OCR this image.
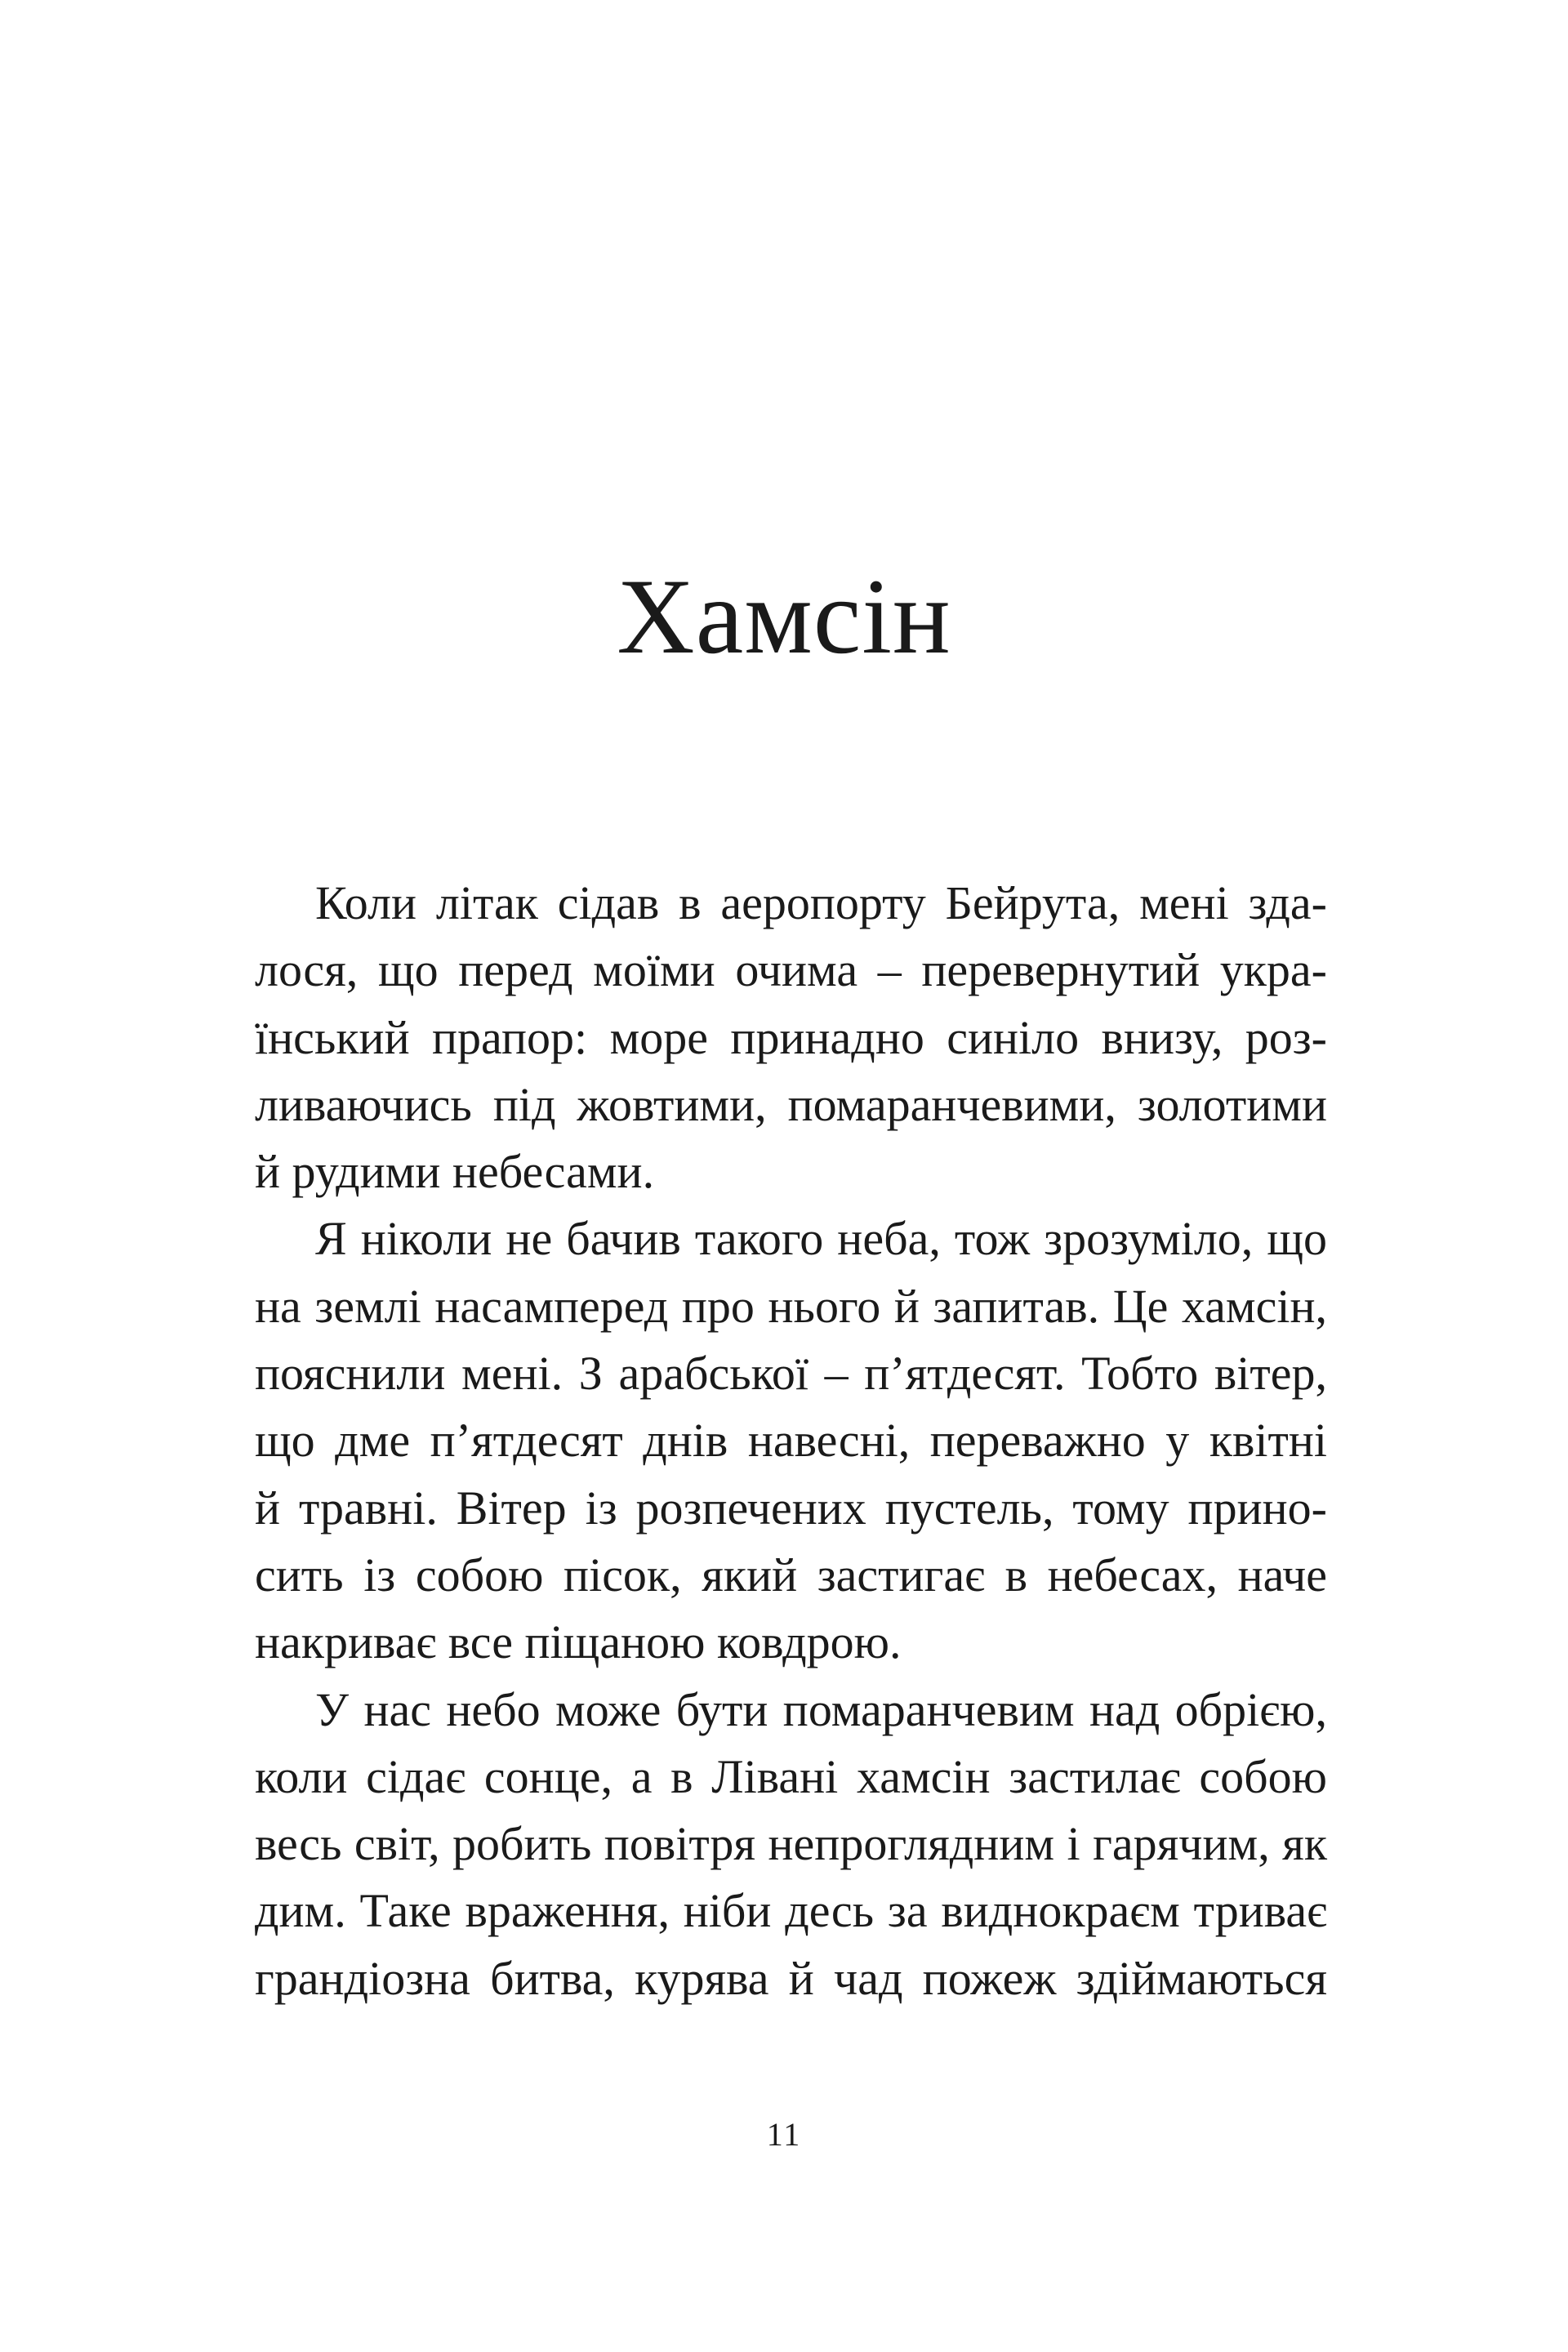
Хамсін
Коли літак сідав в аеропорту Бейрута, мені зда-
лося, що перед моїми очима – перевернутий укра-
їнський прапор: море принадно синіло внизу, роз-
ливаючись під жовтими, помаранчевими, золотими
й рудими небесами.
Я ніколи не бачив такого неба, тож зрозуміло, що
на землі насамперед про нього й запитав. Це хамсін,
пояснили мені. З арабської – п’ятдесят. Тобто вітер,
що дме п’ятдесят днів навесні, переважно у квітні
й травні. Вітер із розпечених пустель, тому прино-
сить із собою пісок, який застигає в небесах, наче
накриває все піщаною ковдрою.
У нас небо може бути помаранчевим над обрією,
коли сідає сонце, а в Лівані хамсін застилає собою
весь світ, робить повітря непроглядним і гарячим, як
дим. Таке враження, ніби десь за виднокраєм триває
грандіозна битва, курява й чад пожеж здіймаються
11
